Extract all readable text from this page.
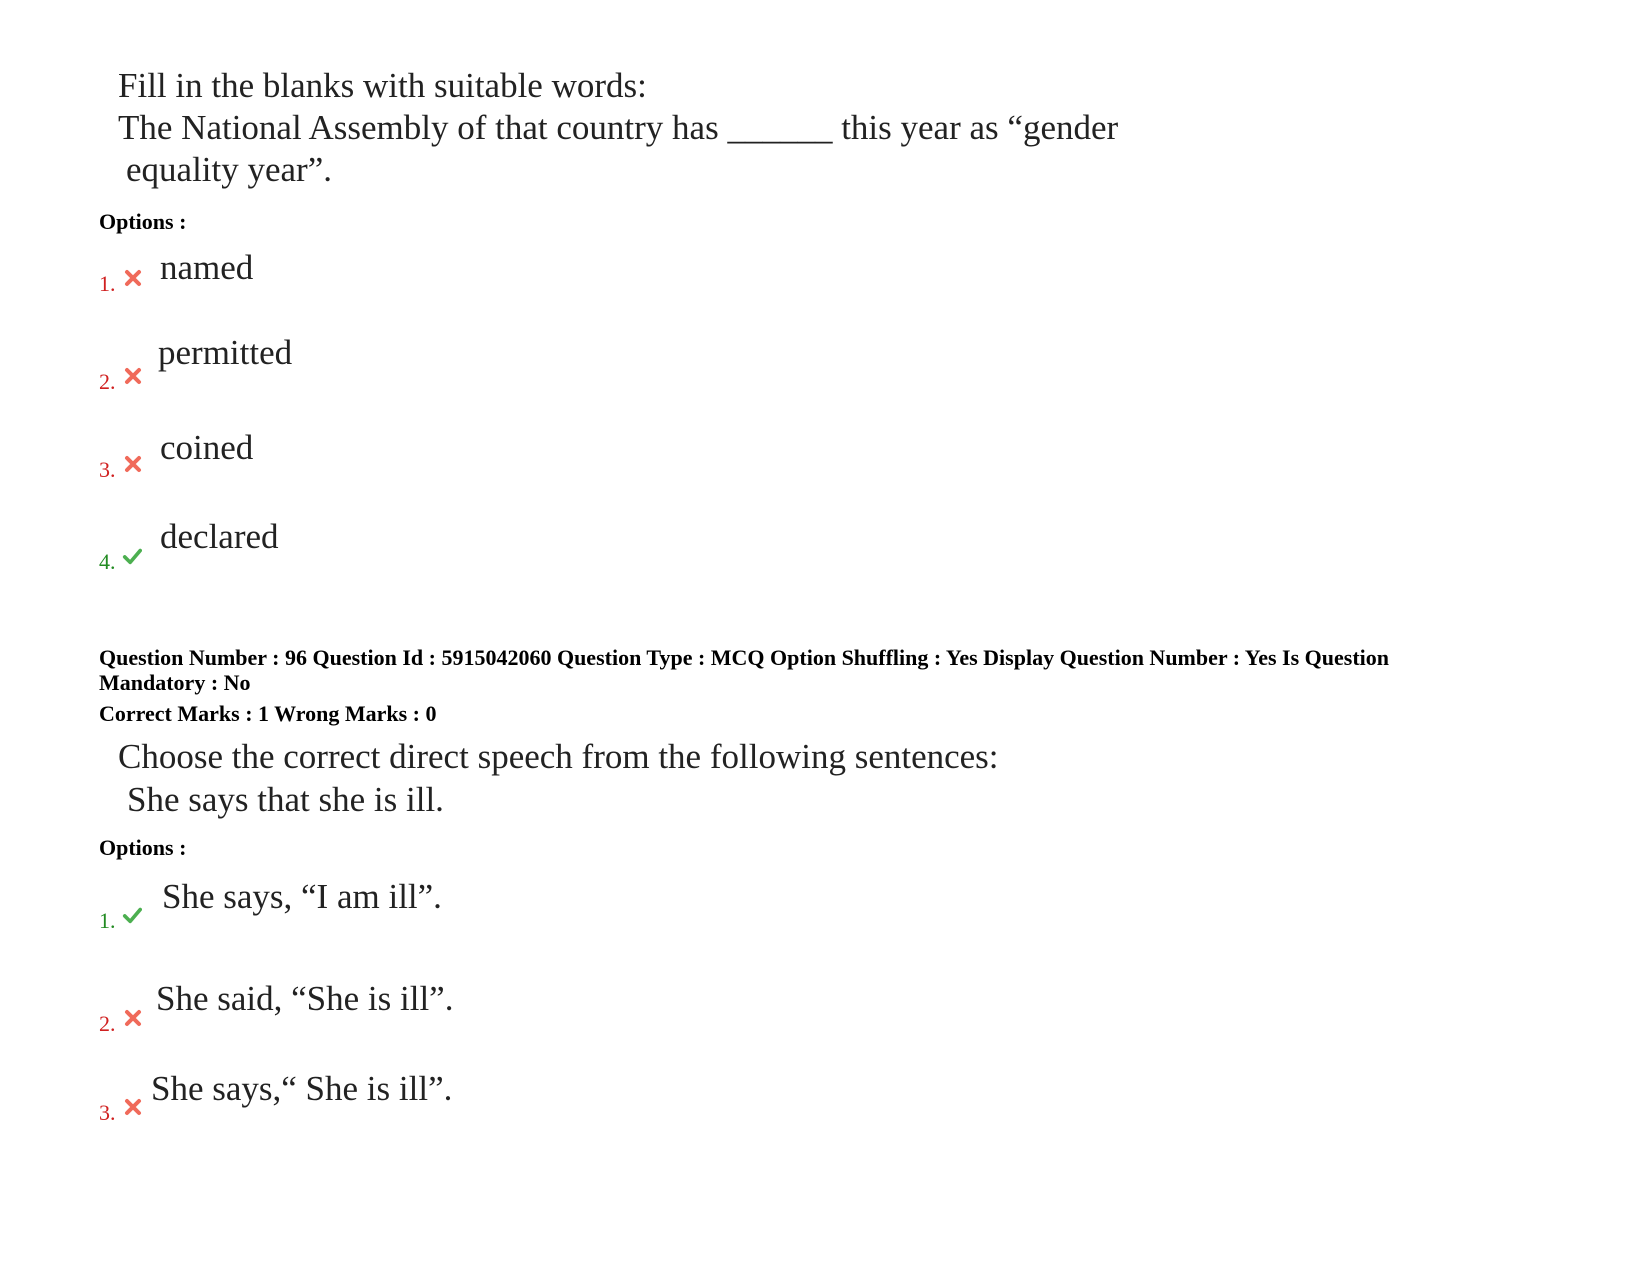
Fill in the blanks with suitable words:
The National Assembly of that country has ______ this year as “gender
equality year”.
Options :
1. named
2.
permitted
3.
coined
4.
declared
Question Number : 96 Question Id : 5915042060 Question Type : MCQ Option Shuffling : Yes Display Question Number : Yes Is Question
Mandatory : No
Correct Marks : 1 Wrong Marks : 0
Choose the correct direct speech from the following sentences:
She says that she is ill.
Options :
1.
She says, “I am ill”.
2.
She said, “She is ill”.
3.
She says,“ She is ill”.
